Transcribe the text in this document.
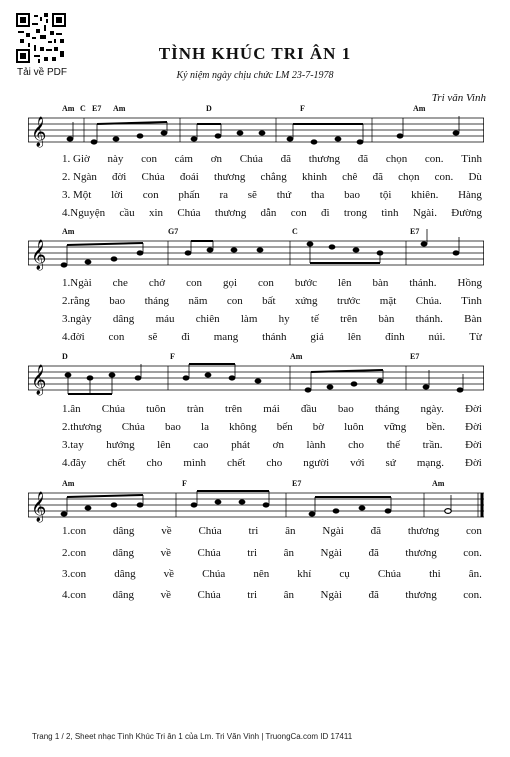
Tải về PDF
TÌNH KHÚC TRI ÂN 1
Kỷ niệm ngày chịu chức LM 23-7-1978
Tri văn Vinh
𝄞
Am C E7 Am	D	F	Am
1. Giờ này con cám ơn Chúa đã thương đã chọn con. Tình
2. Ngàn đời Chúa đoái thương chẳng khinh chê đã chọn con. Dù
3. Một lời con phấn ra sẽ thứ tha bao tội khiên. Hàng
4.Nguyện cầu xin Chúa thương dẫn con đi trong tình Ngài. Đường
𝄞
Am	G7	C	E7
1.Ngài che chở con gọi con bước lên bàn thánh. Hồng
2.rằng bao tháng năm con bất xứng trước mặt Chúa. Tình
3.ngày dâng máu chiên làm hy tế trên bàn thánh. Bàn
4.đời con sẽ đi mang thánh giá lên đỉnh núi. Từ
𝄞
D	F	Am	E7
1.ân Chúa tuôn tràn trên mái đầu bao tháng ngày. Đời
2.thương Chúa bao la không bến bờ luôn vững bền. Đời
3.tay hướng lên cao phát ơn lành cho thế trần. Đời
4.đây chết cho mình chết cho người với sứ mạng. Đời
𝄞
Am	F	E7	Am
1.con dâng về Chúa tri ân Ngài đã thương con
2.con dâng về Chúa tri ân Ngài đã thương con.
3.con	dâng	về	Chúa	nên	khí	cụ	Chúa	thi	ân.
4.con dâng về Chúa tri ân Ngài đã thương con.
Trang 1 / 2, Sheet nhạc Tình Khúc Tri ân 1 của Lm. Tri Văn Vinh | TruongCa.com ID 17411
